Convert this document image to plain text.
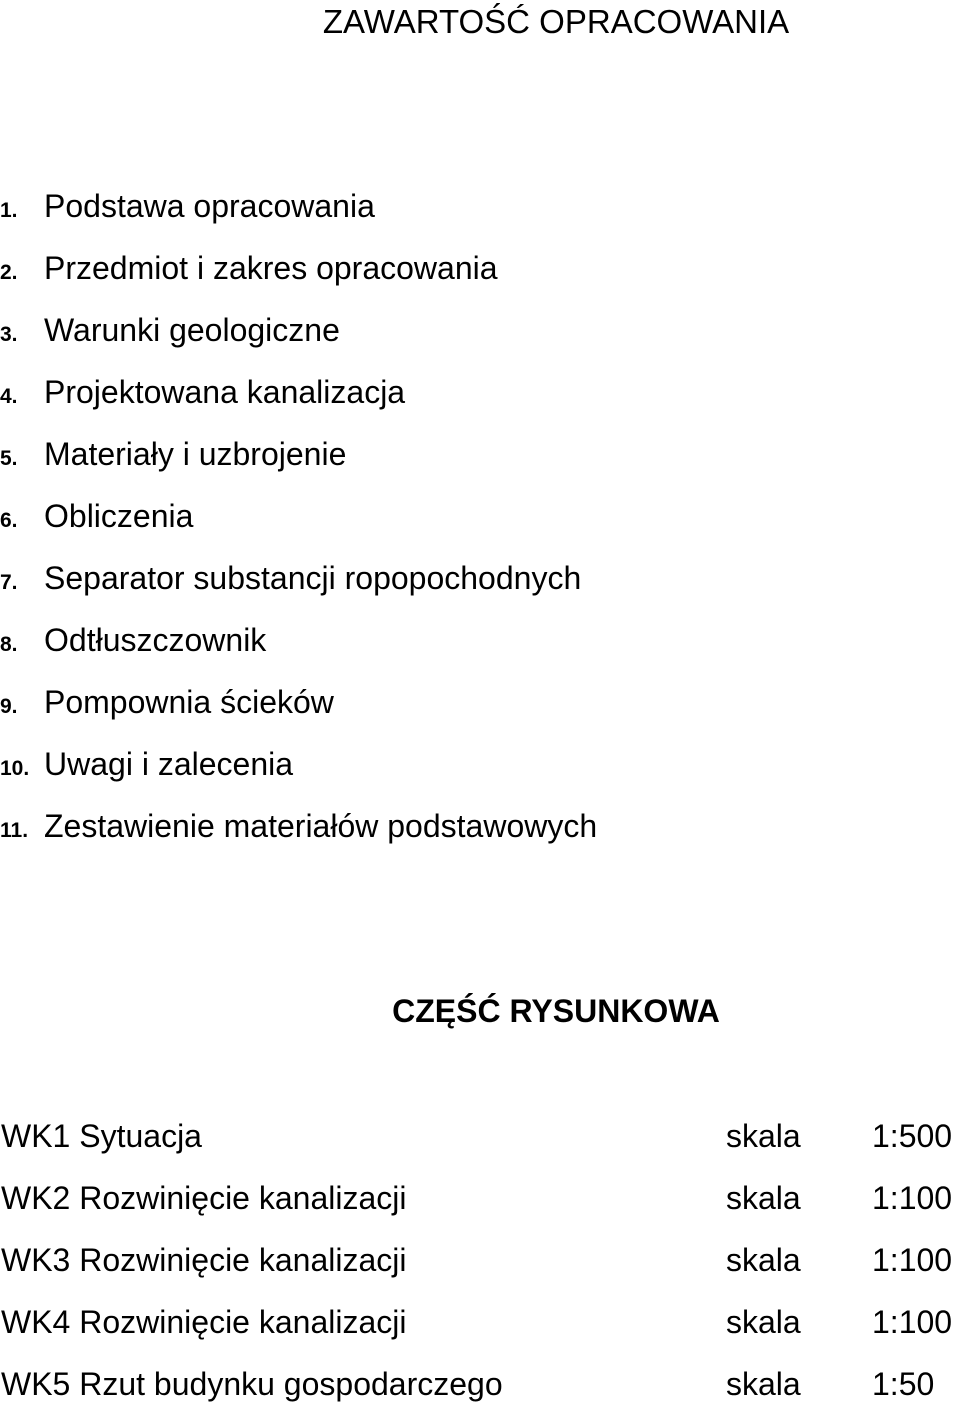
ZAWARTOŚĆ OPRACOWANIA
1. Podstawa opracowania
2. Przedmiot i zakres opracowania
3. Warunki geologiczne
4. Projektowana kanalizacja
5. Materiały i uzbrojenie
6. Obliczenia
7. Separator substancji ropopochodnych
8. Odtłuszczownik
9. Pompownia ścieków
10. Uwagi i zalecenia
11. Zestawienie materiałów podstawowych
CZĘŚĆ RYSUNKOWA
WK1 Sytuacja	skala 1:500
WK2 Rozwinięcie kanalizacji	skala 1:100
WK3 Rozwinięcie kanalizacji	skala 1:100
WK4 Rozwinięcie kanalizacji	skala 1:100
WK5 Rzut budynku gospodarczego	skala 1:50
